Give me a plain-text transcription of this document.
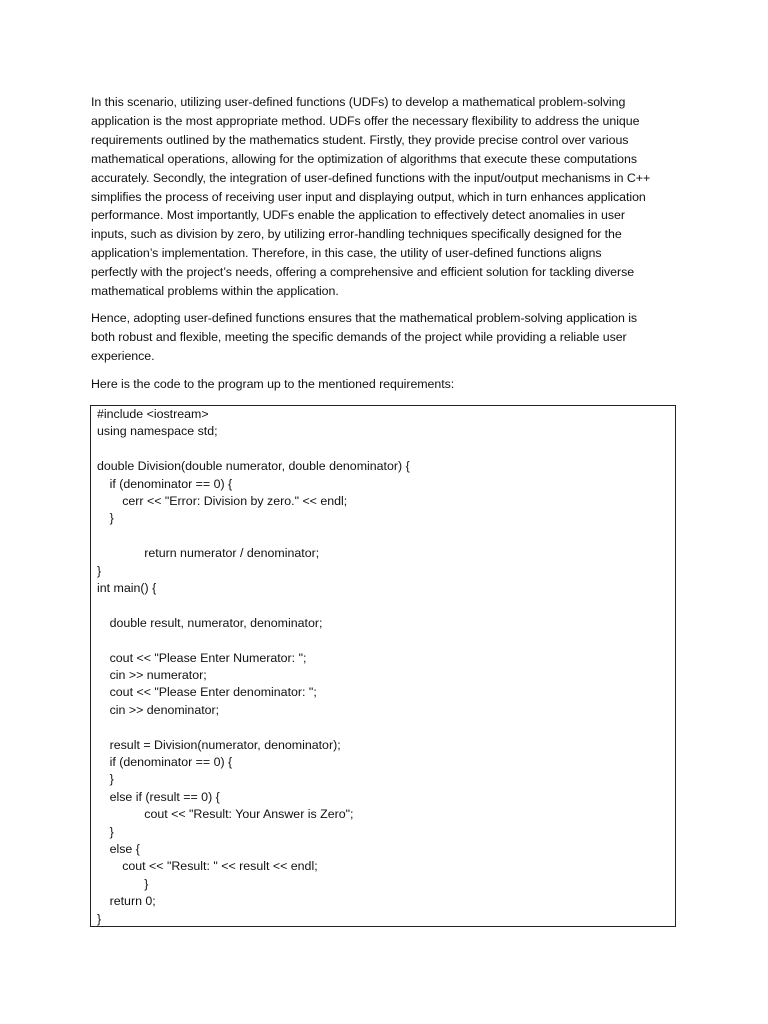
In this scenario, utilizing user-defined functions (UDFs) to develop a mathematical problem-solving
application is the most appropriate method. UDFs offer the necessary flexibility to address the unique
requirements outlined by the mathematics student. Firstly, they provide precise control over various
mathematical operations, allowing for the optimization of algorithms that execute these computations
accurately. Secondly, the integration of user-defined functions with the input/output mechanisms in C++
simplifies the process of receiving user input and displaying output, which in turn enhances application
performance. Most importantly, UDFs enable the application to effectively detect anomalies in user
inputs, such as division by zero, by utilizing error-handling techniques specifically designed for the
application’s implementation. Therefore, in this case, the utility of user-defined functions aligns
perfectly with the project’s needs, offering a comprehensive and efficient solution for tackling diverse
mathematical problems within the application.

Hence, adopting user-defined functions ensures that the mathematical problem-solving application is
both robust and flexible, meeting the specific demands of the project while providing a reliable user
experience.

Here is the code to the program up to the mentioned requirements:

#include <iostream>
using namespace std;
double Division(double numerator, double denominator) {
if (denominator == 0) {
cerr << "Error: Division by zero." << endl;
}
return numerator / denominator;
}
int main() {
double result, numerator, denominator;
cout << "Please Enter Numerator: ";
cin >> numerator;
cout << "Please Enter denominator: ";
cin >> denominator;
result = Division(numerator, denominator);
if (denominator == 0) {
}
else if (result == 0) {
cout << "Result: Your Answer is Zero";
}
else {
cout << "Result: " << result << endl;
}
return 0;
}
